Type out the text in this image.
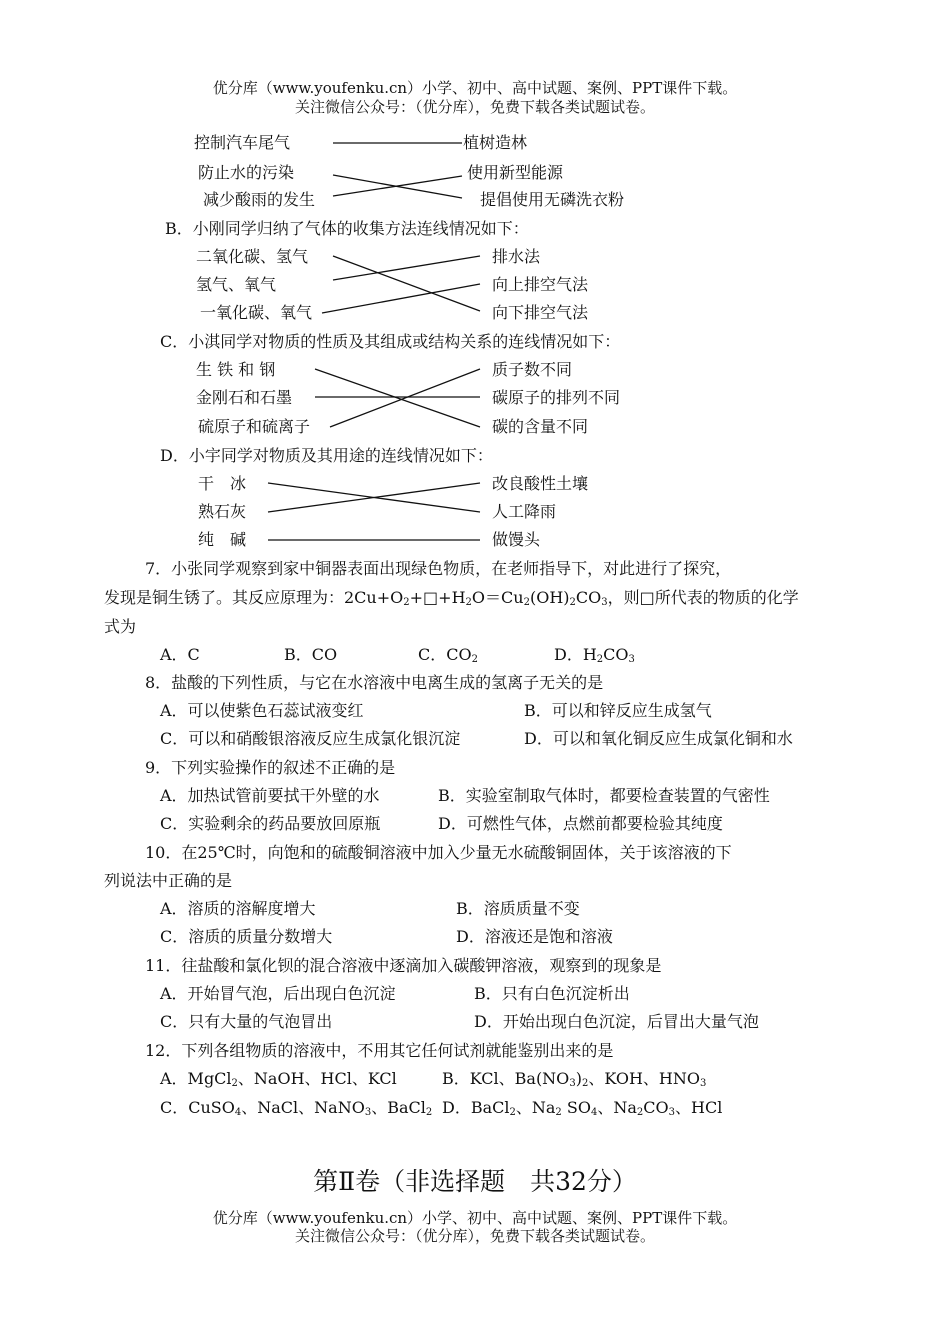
优分库（www.youfenku.cn）小学、初中、高中试题、案例、PPT课件下载。
关注微信公众号：（优分库），免费下载各类试题试卷。
控制汽车尾气
防止水的污染
减少酸雨的发生
植树造林
使用新型能源
提倡使用无磷洗衣粉
B．小刚同学归纳了气体的收集方法连线情况如下：
二氧化碳、氢气
氢气、氧气
一氧化碳、氧气
排水法
向上排空气法
向下排空气法
C．小淇同学对物质的性质及其组成或结构关系的连线情况如下：
生 铁 和 钢
金刚石和石墨
硫原子和硫离子
质子数不同
碳原子的排列不同
碳的含量不同
D．小宇同学对物质及其用途的连线情况如下：
干　冰
熟石灰
纯　碱
改良酸性土壤
人工降雨
做馒头
7．小张同学观察到家中铜器表面出现绿色物质，在老师指导下，对此进行了探究，
发现是铜生锈了。其反应原理为：$2Cu+O_2+□+H_2O=Cu_2(OH)_2CO_3$，则□所代表的物质的化学
式为
A．C	B．CO	C．$CO_2$	D．$H_2CO_3$
8．盐酸的下列性质，与它在水溶液中电离生成的氢离子无关的是
A．可以使紫色石蕊试液变红	B．可以和锌反应生成氢气
C．可以和硝酸银溶液反应生成氯化银沉淀	D．可以和氧化铜反应生成氯化铜和水
9．下列实验操作的叙述不正确的是
A．加热试管前要拭干外壁的水	B．实验室制取气体时，都要检查装置的气密性
C．实验剩余的药品要放回原瓶	D．可燃性气体，点燃前都要检验其纯度
10．在25℃时，向饱和的硫酸铜溶液中加入少量无水硫酸铜固体，关于该溶液的下
列说法中正确的是
A．溶质的溶解度增大	B．溶质质量不变
C．溶质的质量分数增大	D．溶液还是饱和溶液
11．往盐酸和氯化钡的混合溶液中逐滴加入碳酸钾溶液，观察到的现象是
A．开始冒气泡，后出现白色沉淀	B．只有白色沉淀析出
C．只有大量的气泡冒出	D．开始出现白色沉淀，后冒出大量气泡
12．下列各组物质的溶液中，不用其它任何试剂就能鉴别出来的是
A．MgCl$_2$、NaOH、HCl、KCl	B．KCl、$Ba(NO_3)_2$、KOH、$HNO_3$
C．CuSO$_4$、NaCl、NaNO$_3$、BaCl$_2$ D．BaCl$_2$、$Na_2$ $SO_4$、$Na_2CO_3$、HCl
第Ⅱ卷（非选择题　共32分）
优分库（www.youfenku.cn）小学、初中、高中试题、案例、PPT课件下载。
关注微信公众号：（优分库），免费下载各类试题试卷。
